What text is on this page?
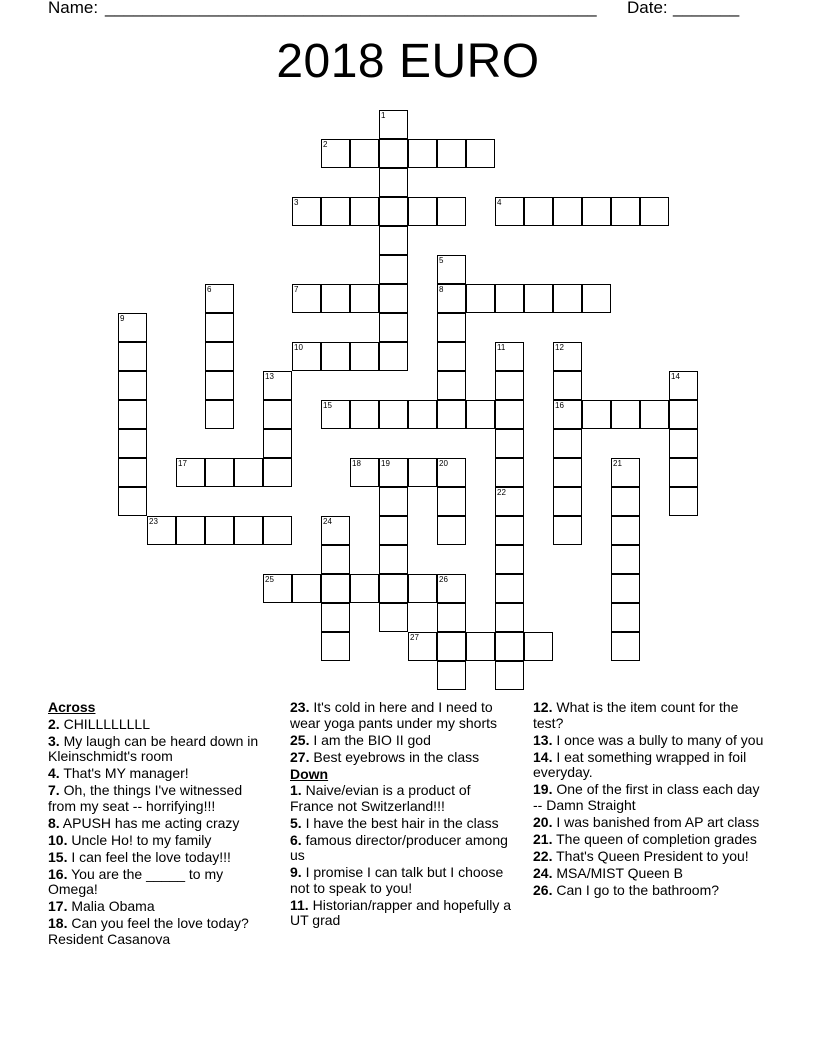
Name: ____________________________________________________ Date: _______
2018 EURO
1
2
3	4
5
8
6	7
9
10	11	12
16
13	14
15
17	18	19	20	21
22
23	24
25	26
27
Across
2. CHILLLLLLLL
3. My laugh can be heard down in Kleinschmidt's room
4. That's MY manager!
7. Oh, the things I've witnessed from my seat -- horrifying!!!
8. APUSH has me acting crazy
10. Uncle Ho! to my family
15. I can feel the love today!!!
16. You are the _____ to my Omega!
17. Malia Obama
18. Can you feel the love today? Resident Casanova
23. It's cold in here and I need to wear yoga pants under my shorts
25. I am the BIO II god
27. Best eyebrows in the class
Down
1. Naive/evian is a product of France not Switzerland!!!
5. I have the best hair in the class
6. famous director/producer among us
9. I promise I can talk but I choose not to speak to you!
11. Historian/rapper and hopefully a UT grad
12. What is the item count for the test?
13. I once was a bully to many of you
14. I eat something wrapped in foil everyday.
19. One of the first in class each day -- Damn Straight
20. I was banished from AP art class
21. The queen of completion grades
22. That's Queen President to you!
24. MSA/MIST Queen B
26. Can I go to the bathroom?
